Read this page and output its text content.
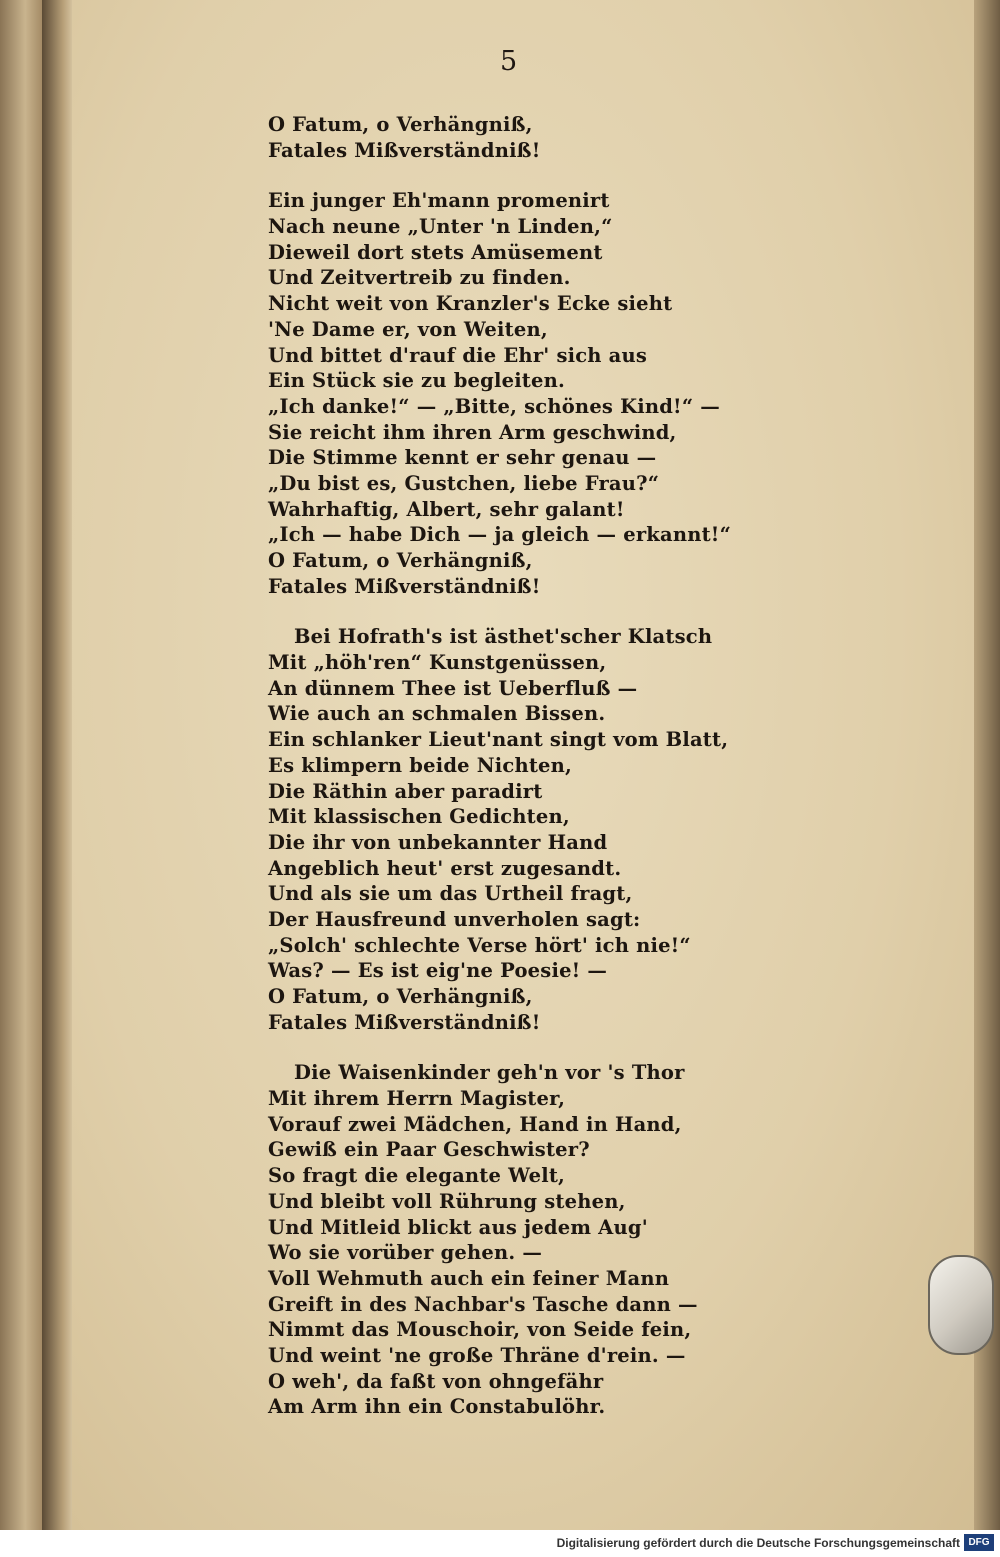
5
O Fatum, o Verhängniß,
Fatales Mißverständniß!
Ein junger Eh'mann promenirt
Nach neune „Unter 'n Linden,“
Dieweil dort stets Amüsement
Und Zeitvertreib zu finden.
Nicht weit von Kranzler's Ecke sieht
'Ne Dame er, von Weiten,
Und bittet d'rauf die Ehr' sich aus
Ein Stück sie zu begleiten.
„Ich danke!“ — „Bitte, schönes Kind!“ —
Sie reicht ihm ihren Arm geschwind,
Die Stimme kennt er sehr genau —
„Du bist es, Gustchen, liebe Frau?“
Wahrhaftig, Albert, sehr galant!
„Ich — habe Dich — ja gleich — erkannt!“
O Fatum, o Verhängniß,
Fatales Mißverständniß!
Bei Hofrath's ist ästhet'scher Klatsch
Mit „höh'ren“ Kunstgenüssen,
An dünnem Thee ist Ueberfluß —
Wie auch an schmalen Bissen.
Ein schlanker Lieut'nant singt vom Blatt,
Es klimpern beide Nichten,
Die Räthin aber paradirt
Mit klassischen Gedichten,
Die ihr von unbekannter Hand
Angeblich heut' erst zugesandt.
Und als sie um das Urtheil fragt,
Der Hausfreund unverholen sagt:
„Solch' schlechte Verse hört' ich nie!“
Was? — Es ist eig'ne Poesie! —
O Fatum, o Verhängniß,
Fatales Mißverständniß!
Die Waisenkinder geh'n vor 's Thor
Mit ihrem Herrn Magister,
Vorauf zwei Mädchen, Hand in Hand,
Gewiß ein Paar Geschwister?
So fragt die elegante Welt,
Und bleibt voll Rührung stehen,
Und Mitleid blickt aus jedem Aug'
Wo sie vorüber gehen. —
Voll Wehmuth auch ein feiner Mann
Greift in des Nachbar's Tasche dann —
Nimmt das Mouschoir, von Seide fein,
Und weint 'ne große Thräne d'rein. —
O weh', da faßt von ohngefähr
Am Arm ihn ein Constabulöhr.
Digitalisierung gefördert durch die Deutsche Forschungsgemeinschaft DFG
